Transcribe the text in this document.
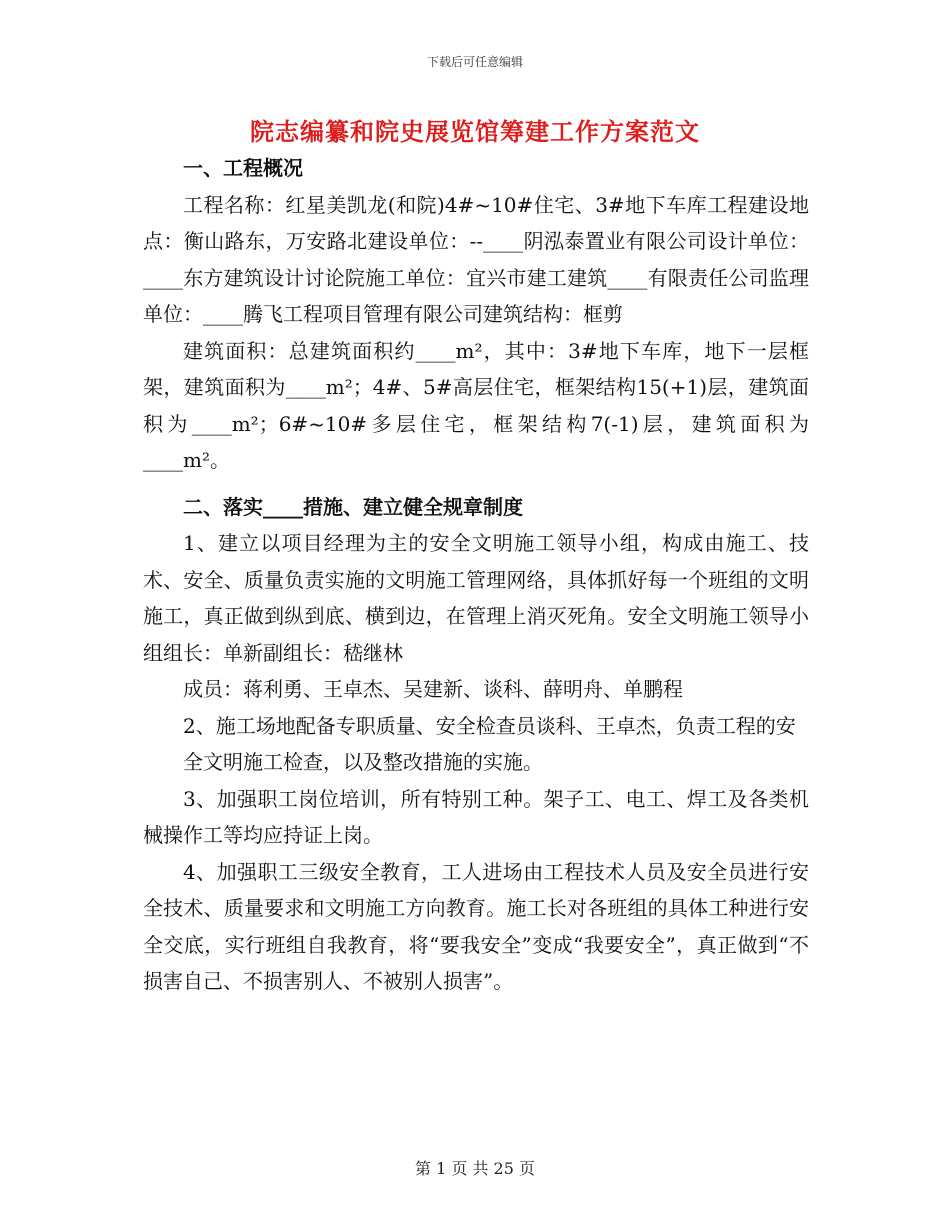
下载后可任意编辑
院志编纂和院史展览馆筹建工作方案范文

一、工程概况

工程名称：红星美凯龙(和院)4#~10#住宅、3#地下车库工程建设地点：衡山路东，万安路北建设单位：--____阴泓泰置业有限公司设计单位：____东方建筑设计讨论院施工单位：宜兴市建工建筑____有限责任公司监理单位：____腾飞工程项目管理有限公司建筑结构：框剪

建筑面积：总建筑面积约____m²，其中：3#地下车库，地下一层框架，建筑面积为____m²；4#、5#高层住宅，框架结构15(+1)层，建筑面积为____m²；6#~10#多层住宅，框架结构7(-1)层，建筑面积为____m²。

二、落实____措施、建立健全规章制度

1、建立以项目经理为主的安全文明施工领导小组，构成由施工、技术、安全、质量负责实施的文明施工管理网络，具体抓好每一个班组的文明施工，真正做到纵到底、横到边，在管理上消灭死角。安全文明施工领导小组组长：单新副组长：嵇继林

成员：蒋利勇、王卓杰、吴建新、谈科、薛明舟、单鹏程

2、施工场地配备专职质量、安全检查员谈科、王卓杰，负责工程的安

全文明施工检查，以及整改措施的实施。

3、加强职工岗位培训，所有特别工种。架子工、电工、焊工及各类机械操作工等均应持证上岗。

4、加强职工三级安全教育，工人进场由工程技术人员及安全员进行安全技术、质量要求和文明施工方向教育。施工长对各班组的具体工种进行安全交底，实行班组自我教育，将“要我安全”变成“我要安全”，真正做到“不损害自己、不损害别人、不被别人损害”。

第 1 页 共 25 页
